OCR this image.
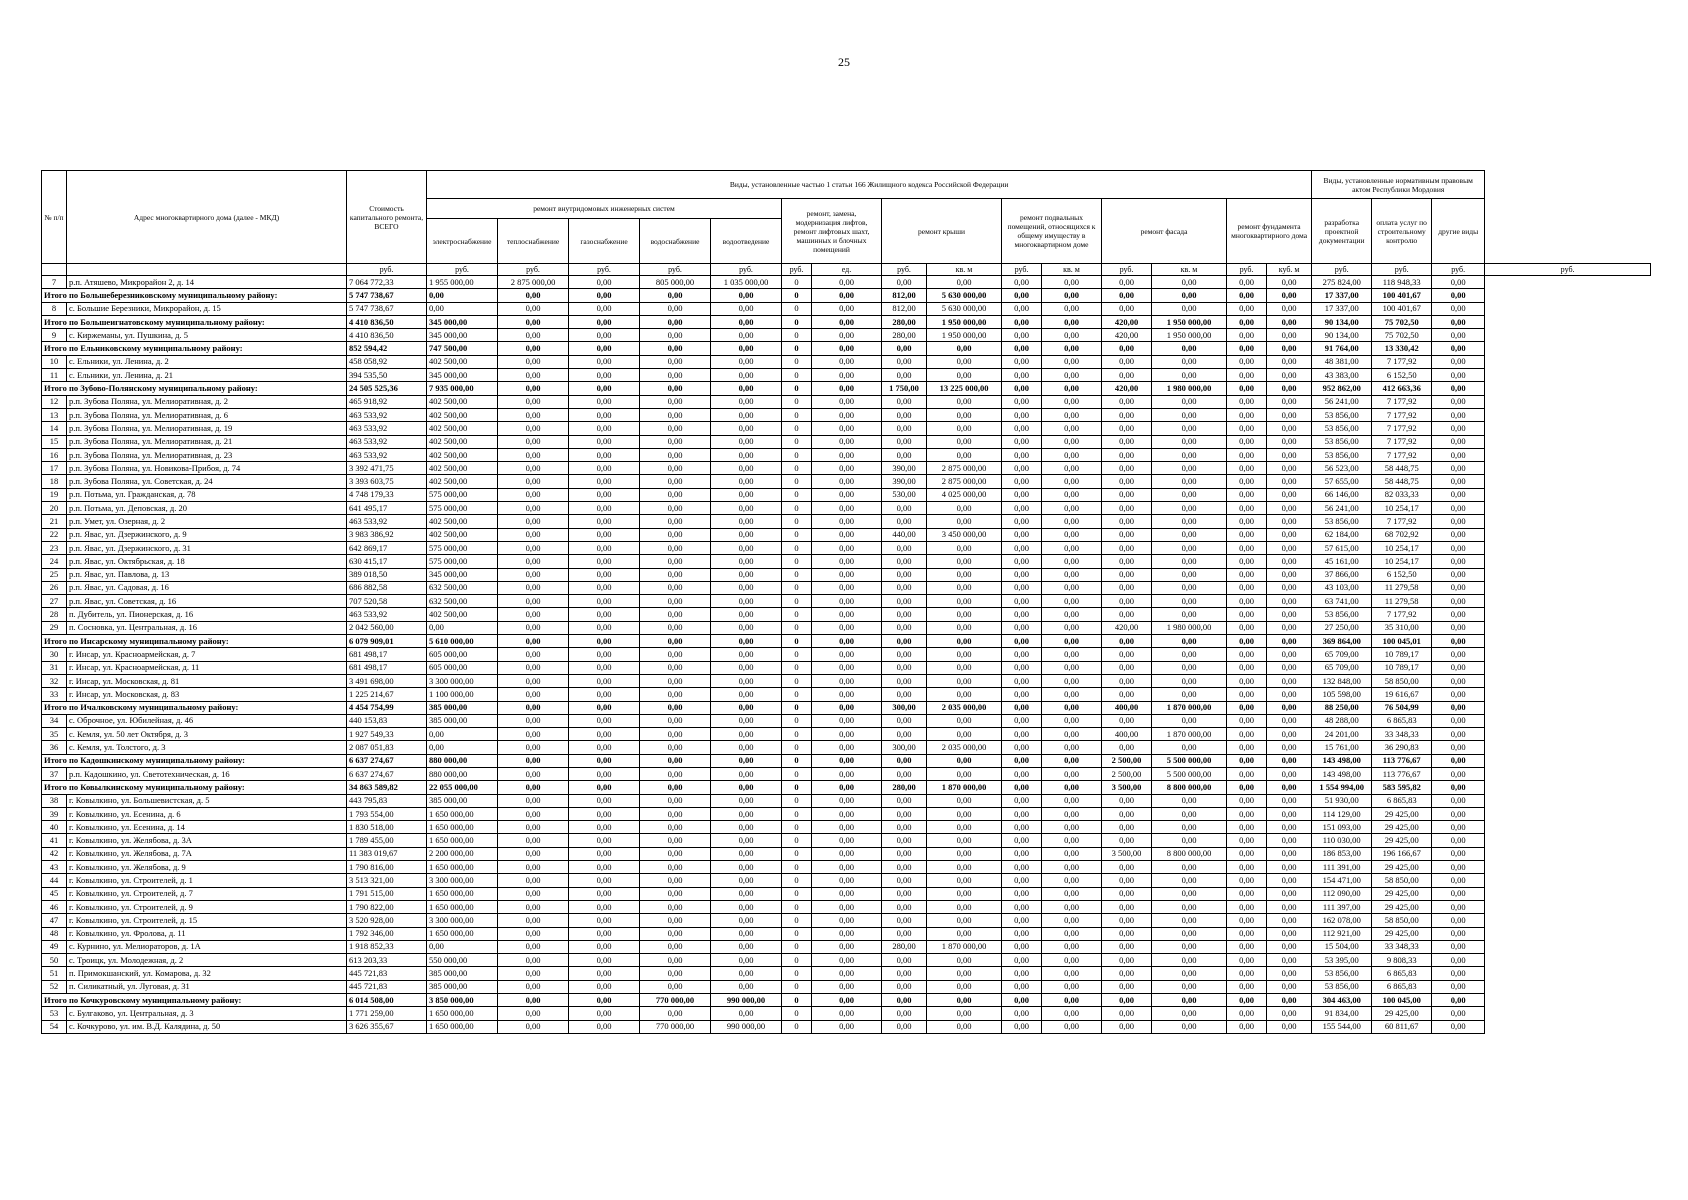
25
№ п/п	Адрес многоквартирного дома (далее - МКД)	Стоимость капитального ремонта, ВСЕГО	Виды, установленные частью 1 статьи 166 Жилищного кодекса Российской Федерации															Виды, установленные нормативным правовым актом Республики Мордовия			
			ремонт внутридомовых инженерных систем					ремонт, замена, модернизация лифтов, ремонт лифтовых шахт, машинных и блочных помещений		ремонт крыши		ремонт подвальных помещений, относящихся к общему имуществу в многоквартирном доме		ремонт фасада		ремонт фундамента многоквартирного дома		разработка проектной документации	оплата услуг по строительному контролю	другие виды	
			электроснабжение	теплоснабжение	газоснабжение	водоснабжение	водоотведение														
		руб.	руб.	руб.	руб.	руб.	руб.	руб.	ед.	руб.	кв. м	руб.	кв. м	руб.	кв. м	руб.	куб. м	руб.	руб.	руб.	руб.
7	р.п. Атяшево, Микрорайон 2, д. 14	7 064 772,33	1 955 000,00	2 875 000,00	0,00	805 000,00	1 035 000,00	0	0,00	0,00	0,00	0,00	0,00	0,00	0,00	0,00	0,00	275 824,00	118 948,33	0,00	
Итого по Большеберезниковскому муниципальному району:		5 747 738,67	0,00	0,00	0,00	0,00	0,00	0	0,00	812,00	5 630 000,00	0,00	0,00	0,00	0,00	0,00	0,00	17 337,00	100 401,67	0,00	
8	с. Большие Березники, Микрорайон, д. 15	5 747 738,67	0,00	0,00	0,00	0,00	0,00	0	0,00	812,00	5 630 000,00	0,00	0,00	0,00	0,00	0,00	0,00	17 337,00	100 401,67	0,00	
Итого по Большеигнатовскому муниципальному району:		4 410 836,50	345 000,00	0,00	0,00	0,00	0,00	0	0,00	280,00	1 950 000,00	0,00	0,00	420,00	1 950 000,00	0,00	0,00	90 134,00	75 702,50	0,00	
9	с. Киржеманы, ул. Пушкина, д. 5	4 410 836,50	345 000,00	0,00	0,00	0,00	0,00	0	0,00	280,00	1 950 000,00	0,00	0,00	420,00	1 950 000,00	0,00	0,00	90 134,00	75 702,50	0,00	
Итого по Ельниковскому муниципальному району:		852 594,42	747 500,00	0,00	0,00	0,00	0,00	0	0,00	0,00	0,00	0,00	0,00	0,00	0,00	0,00	0,00	91 764,00	13 330,42	0,00	
10	с. Ельники, ул. Ленина, д. 2	458 058,92	402 500,00	0,00	0,00	0,00	0,00	0	0,00	0,00	0,00	0,00	0,00	0,00	0,00	0,00	0,00	48 381,00	7 177,92	0,00	
11	с. Ельники, ул. Ленина, д. 21	394 535,50	345 000,00	0,00	0,00	0,00	0,00	0	0,00	0,00	0,00	0,00	0,00	0,00	0,00	0,00	0,00	43 383,00	6 152,50	0,00	
Итого по Зубово-Полянскому муниципальному району:		24 505 525,36	7 935 000,00	0,00	0,00	0,00	0,00	0	0,00	1 750,00	13 225 000,00	0,00	0,00	420,00	1 980 000,00	0,00	0,00	952 862,00	412 663,36	0,00	
12	р.п. Зубова Поляна, ул. Мелиоративная, д. 2	465 918,92	402 500,00	0,00	0,00	0,00	0,00	0	0,00	0,00	0,00	0,00	0,00	0,00	0,00	0,00	0,00	56 241,00	7 177,92	0,00	
13	р.п. Зубова Поляна, ул. Мелиоративная, д. 6	463 533,92	402 500,00	0,00	0,00	0,00	0,00	0	0,00	0,00	0,00	0,00	0,00	0,00	0,00	0,00	0,00	53 856,00	7 177,92	0,00	
14	р.п. Зубова Поляна, ул. Мелиоративная, д. 19	463 533,92	402 500,00	0,00	0,00	0,00	0,00	0	0,00	0,00	0,00	0,00	0,00	0,00	0,00	0,00	0,00	53 856,00	7 177,92	0,00	
15	р.п. Зубова Поляна, ул. Мелиоративная, д. 21	463 533,92	402 500,00	0,00	0,00	0,00	0,00	0	0,00	0,00	0,00	0,00	0,00	0,00	0,00	0,00	0,00	53 856,00	7 177,92	0,00	
16	р.п. Зубова Поляна, ул. Мелиоративная, д. 23	463 533,92	402 500,00	0,00	0,00	0,00	0,00	0	0,00	0,00	0,00	0,00	0,00	0,00	0,00	0,00	0,00	53 856,00	7 177,92	0,00	
17	р.п. Зубова Поляна, ул. Новикова-Прибоя, д. 74	3 392 471,75	402 500,00	0,00	0,00	0,00	0,00	0	0,00	390,00	2 875 000,00	0,00	0,00	0,00	0,00	0,00	0,00	56 523,00	58 448,75	0,00	
18	р.п. Зубова Поляна, ул. Советская, д. 24	3 393 603,75	402 500,00	0,00	0,00	0,00	0,00	0	0,00	390,00	2 875 000,00	0,00	0,00	0,00	0,00	0,00	0,00	57 655,00	58 448,75	0,00	
19	р.п. Потьма, ул. Гражданская, д. 78	4 748 179,33	575 000,00	0,00	0,00	0,00	0,00	0	0,00	530,00	4 025 000,00	0,00	0,00	0,00	0,00	0,00	0,00	66 146,00	82 033,33	0,00	
20	р.п. Потьма, ул. Деповская, д. 20	641 495,17	575 000,00	0,00	0,00	0,00	0,00	0	0,00	0,00	0,00	0,00	0,00	0,00	0,00	0,00	0,00	56 241,00	10 254,17	0,00	
21	р.п. Умет, ул. Озерная, д. 2	463 533,92	402 500,00	0,00	0,00	0,00	0,00	0	0,00	0,00	0,00	0,00	0,00	0,00	0,00	0,00	0,00	53 856,00	7 177,92	0,00	
22	р.п. Явас, ул. Дзержинского, д. 9	3 983 386,92	402 500,00	0,00	0,00	0,00	0,00	0	0,00	440,00	3 450 000,00	0,00	0,00	0,00	0,00	0,00	0,00	62 184,00	68 702,92	0,00	
23	р.п. Явас, ул. Дзержинского, д. 31	642 869,17	575 000,00	0,00	0,00	0,00	0,00	0	0,00	0,00	0,00	0,00	0,00	0,00	0,00	0,00	0,00	57 615,00	10 254,17	0,00	
24	р.п. Явас, ул. Октябрьская, д. 18	630 415,17	575 000,00	0,00	0,00	0,00	0,00	0	0,00	0,00	0,00	0,00	0,00	0,00	0,00	0,00	0,00	45 161,00	10 254,17	0,00	
25	р.п. Явас, ул. Павлова, д. 13	389 018,50	345 000,00	0,00	0,00	0,00	0,00	0	0,00	0,00	0,00	0,00	0,00	0,00	0,00	0,00	0,00	37 866,00	6 152,50	0,00	
26	р.п. Явас, ул. Садовая, д. 16	686 882,58	632 500,00	0,00	0,00	0,00	0,00	0	0,00	0,00	0,00	0,00	0,00	0,00	0,00	0,00	0,00	43 103,00	11 279,58	0,00	
27	р.п. Явас, ул. Советская, д. 16	707 520,58	632 500,00	0,00	0,00	0,00	0,00	0	0,00	0,00	0,00	0,00	0,00	0,00	0,00	0,00	0,00	63 741,00	11 279,58	0,00	
28	п. Дубитель, ул. Пионерская, д. 16	463 533,92	402 500,00	0,00	0,00	0,00	0,00	0	0,00	0,00	0,00	0,00	0,00	0,00	0,00	0,00	0,00	53 856,00	7 177,92	0,00	
29	п. Сосновка, ул. Центральная, д. 16	2 042 560,00	0,00	0,00	0,00	0,00	0,00	0	0,00	0,00	0,00	0,00	0,00	420,00	1 980 000,00	0,00	0,00	27 250,00	35 310,00	0,00	
Итого по Инсарскому муниципальному району:		6 079 909,01	5 610 000,00	0,00	0,00	0,00	0,00	0	0,00	0,00	0,00	0,00	0,00	0,00	0,00	0,00	0,00	369 864,00	100 045,01	0,00	
30	г. Инсар, ул. Красноармейская, д. 7	681 498,17	605 000,00	0,00	0,00	0,00	0,00	0	0,00	0,00	0,00	0,00	0,00	0,00	0,00	0,00	0,00	65 709,00	10 789,17	0,00	
31	г. Инсар, ул. Красноармейская, д. 11	681 498,17	605 000,00	0,00	0,00	0,00	0,00	0	0,00	0,00	0,00	0,00	0,00	0,00	0,00	0,00	0,00	65 709,00	10 789,17	0,00	
32	г. Инсар, ул. Московская, д. 81	3 491 698,00	3 300 000,00	0,00	0,00	0,00	0,00	0	0,00	0,00	0,00	0,00	0,00	0,00	0,00	0,00	0,00	132 848,00	58 850,00	0,00	
33	г. Инсар, ул. Московская, д. 83	1 225 214,67	1 100 000,00	0,00	0,00	0,00	0,00	0	0,00	0,00	0,00	0,00	0,00	0,00	0,00	0,00	0,00	105 598,00	19 616,67	0,00	
Итого по Ичалковскому муниципальному району:		4 454 754,99	385 000,00	0,00	0,00	0,00	0,00	0	0,00	300,00	2 035 000,00	0,00	0,00	400,00	1 870 000,00	0,00	0,00	88 250,00	76 504,99	0,00	
34	с. Оброчное, ул. Юбилейная, д. 46	440 153,83	385 000,00	0,00	0,00	0,00	0,00	0	0,00	0,00	0,00	0,00	0,00	0,00	0,00	0,00	0,00	48 288,00	6 865,83	0,00	
35	с. Кемля, ул. 50 лет Октября, д. 3	1 927 549,33	0,00	0,00	0,00	0,00	0,00	0	0,00	0,00	0,00	0,00	0,00	400,00	1 870 000,00	0,00	0,00	24 201,00	33 348,33	0,00	
36	с. Кемля, ул. Толстого, д. 3	2 087 051,83	0,00	0,00	0,00	0,00	0,00	0	0,00	300,00	2 035 000,00	0,00	0,00	0,00	0,00	0,00	0,00	15 761,00	36 290,83	0,00	
Итого по Кадошкинскому муниципальному району:		6 637 274,67	880 000,00	0,00	0,00	0,00	0,00	0	0,00	0,00	0,00	0,00	0,00	2 500,00	5 500 000,00	0,00	0,00	143 498,00	113 776,67	0,00	
37	р.п. Кадошкино, ул. Светотехническая, д. 16	6 637 274,67	880 000,00	0,00	0,00	0,00	0,00	0	0,00	0,00	0,00	0,00	0,00	2 500,00	5 500 000,00	0,00	0,00	143 498,00	113 776,67	0,00	
Итого по Ковылкинскому муниципальному району:		34 863 589,82	22 055 000,00	0,00	0,00	0,00	0,00	0	0,00	280,00	1 870 000,00	0,00	0,00	3 500,00	8 800 000,00	0,00	0,00	1 554 994,00	583 595,82	0,00	
38	г. Ковылкино, ул. Большевистская, д. 5	443 795,83	385 000,00	0,00	0,00	0,00	0,00	0	0,00	0,00	0,00	0,00	0,00	0,00	0,00	0,00	0,00	51 930,00	6 865,83	0,00	
39	г. Ковылкино, ул. Есенина, д. 6	1 793 554,00	1 650 000,00	0,00	0,00	0,00	0,00	0	0,00	0,00	0,00	0,00	0,00	0,00	0,00	0,00	0,00	114 129,00	29 425,00	0,00	
40	г. Ковылкино, ул. Есенина, д. 14	1 830 518,00	1 650 000,00	0,00	0,00	0,00	0,00	0	0,00	0,00	0,00	0,00	0,00	0,00	0,00	0,00	0,00	151 093,00	29 425,00	0,00	
41	г. Ковылкино, ул. Желябова, д. 3А	1 789 455,00	1 650 000,00	0,00	0,00	0,00	0,00	0	0,00	0,00	0,00	0,00	0,00	0,00	0,00	0,00	0,00	110 030,00	29 425,00	0,00	
42	г. Ковылкино, ул. Желябова, д. 7А	11 383 019,67	2 200 000,00	0,00	0,00	0,00	0,00	0	0,00	0,00	0,00	0,00	0,00	3 500,00	8 800 000,00	0,00	0,00	186 853,00	196 166,67	0,00	
43	г. Ковылкино, ул. Желябова, д. 9	1 790 816,00	1 650 000,00	0,00	0,00	0,00	0,00	0	0,00	0,00	0,00	0,00	0,00	0,00	0,00	0,00	0,00	111 391,00	29 425,00	0,00	
44	г. Ковылкино, ул. Строителей, д. 1	3 513 321,00	3 300 000,00	0,00	0,00	0,00	0,00	0	0,00	0,00	0,00	0,00	0,00	0,00	0,00	0,00	0,00	154 471,00	58 850,00	0,00	
45	г. Ковылкино, ул. Строителей, д. 7	1 791 515,00	1 650 000,00	0,00	0,00	0,00	0,00	0	0,00	0,00	0,00	0,00	0,00	0,00	0,00	0,00	0,00	112 090,00	29 425,00	0,00	
46	г. Ковылкино, ул. Строителей, д. 9	1 790 822,00	1 650 000,00	0,00	0,00	0,00	0,00	0	0,00	0,00	0,00	0,00	0,00	0,00	0,00	0,00	0,00	111 397,00	29 425,00	0,00	
47	г. Ковылкино, ул. Строителей, д. 15	3 520 928,00	3 300 000,00	0,00	0,00	0,00	0,00	0	0,00	0,00	0,00	0,00	0,00	0,00	0,00	0,00	0,00	162 078,00	58 850,00	0,00	
48	г. Ковылкино, ул. Фролова, д. 11	1 792 346,00	1 650 000,00	0,00	0,00	0,00	0,00	0	0,00	0,00	0,00	0,00	0,00	0,00	0,00	0,00	0,00	112 921,00	29 425,00	0,00	
49	с. Курнино, ул. Мелиораторов, д. 1А	1 918 852,33	0,00	0,00	0,00	0,00	0,00	0	0,00	280,00	1 870 000,00	0,00	0,00	0,00	0,00	0,00	0,00	15 504,00	33 348,33	0,00	
50	с. Троицк, ул. Молодежная, д. 2	613 203,33	550 000,00	0,00	0,00	0,00	0,00	0	0,00	0,00	0,00	0,00	0,00	0,00	0,00	0,00	0,00	53 395,00	9 808,33	0,00	
51	п. Примокшанский, ул. Комарова, д. 32	445 721,83	385 000,00	0,00	0,00	0,00	0,00	0	0,00	0,00	0,00	0,00	0,00	0,00	0,00	0,00	0,00	53 856,00	6 865,83	0,00	
52	п. Силикатный, ул. Луговая, д. 31	445 721,83	385 000,00	0,00	0,00	0,00	0,00	0	0,00	0,00	0,00	0,00	0,00	0,00	0,00	0,00	0,00	53 856,00	6 865,83	0,00	
Итого по Кочкуровскому муниципальному району:		6 014 508,00	3 850 000,00	0,00	0,00	770 000,00	990 000,00	0	0,00	0,00	0,00	0,00	0,00	0,00	0,00	0,00	0,00	304 463,00	100 045,00	0,00	
53	с. Булгаково, ул. Центральная, д. 3	1 771 259,00	1 650 000,00	0,00	0,00	0,00	0,00	0	0,00	0,00	0,00	0,00	0,00	0,00	0,00	0,00	0,00	91 834,00	29 425,00	0,00	
54	с. Кочкурово, ул. им. В.Д. Калядина, д. 50	3 626 355,67	1 650 000,00	0,00	0,00	770 000,00	990 000,00	0	0,00	0,00	0,00	0,00	0,00	0,00	0,00	0,00	0,00	155 544,00	60 811,67	0,00	
